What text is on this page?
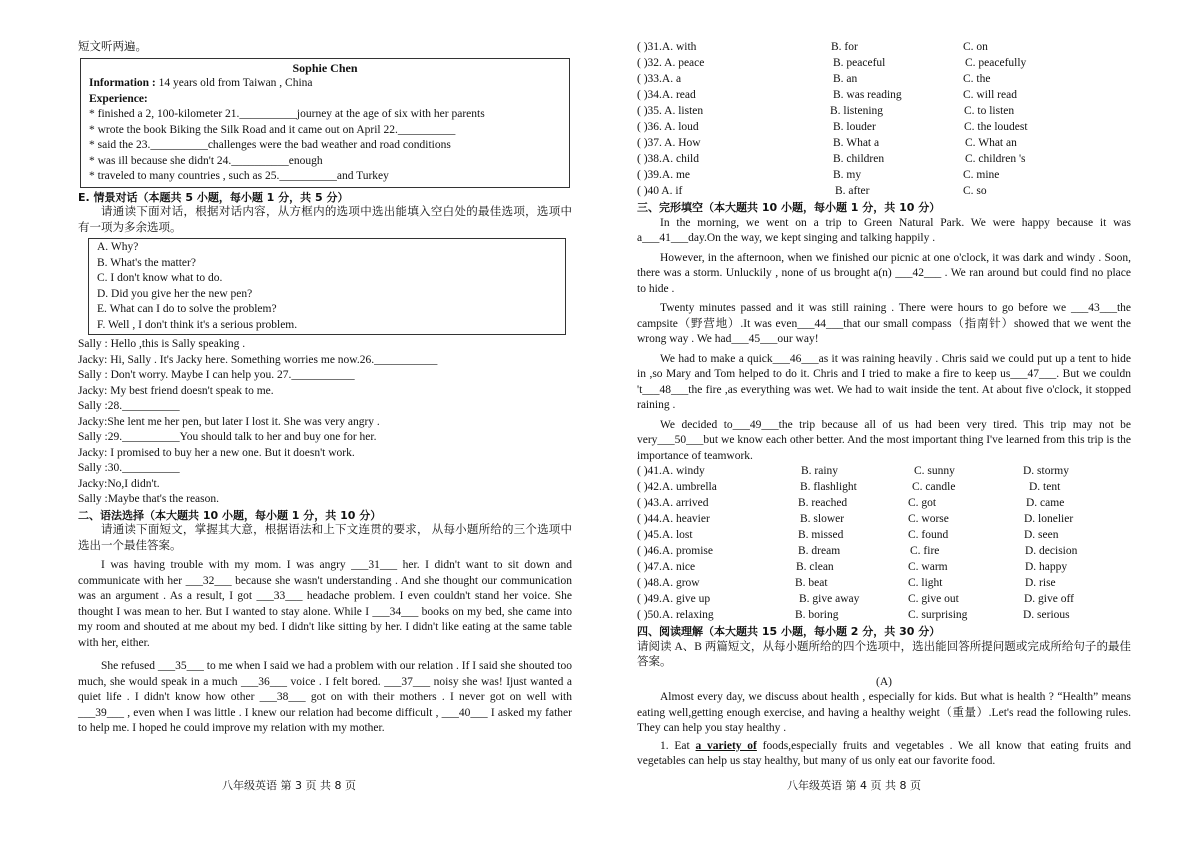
短文听两遍。
Sophie Chen
Information : 14 years old from Taiwan , China
Experience:
* finished a 2, 100-kilometer 21.__________journey at the age of six with her parents
* wrote the book Biking the Silk Road and it came out on April 22.__________
* said the 23.__________challenges were the bad weather and road conditions
* was ill because she didn't 24.__________enough
* traveled to many countries , such as 25.__________and Turkey
E. 情景对话（本题共 5 小题，每小题 1 分，共 5 分）
请通读下面对话，根据对话内容，从方框内的选项中选出能填入空白处的最佳选项，选项中有一项为多余选项。
A. Why?
B. What's the matter?
C. I don't know what to do.
D. Did you give her the new pen?
E. What can I do to solve the problem?
F. Well , I don't think it's a serious problem.
Sally : Hello ,this is Sally speaking .
Jacky: Hi, Sally . It's Jacky here. Something worries me now.26.___________
Sally : Don't worry. Maybe I can help you. 27.___________
Jacky: My best friend doesn't speak to me.
Sally :28.__________
Jacky:She lent me her pen, but later I lost it. She was very angry .
Sally :29.__________You should talk to her and buy one for her.
Jacky: I promised to buy her a new one. But it doesn't work.
Sally :30.__________
Jacky:No,I didn't.
Sally :Maybe that's the reason.
二、语法选择（本大题共 10 小题，每小题 1 分，共 10 分）
请通读下面短文，掌握其大意，根据语法和上下文连贯的要求， 从每小题所给的三个选项中选出一个最佳答案。
I was having trouble with my mom. I was angry ___31___ her. I didn't want to sit down and communicate with her ___32___ because she wasn't understanding . And she thought our communication was an argument . As a result, I got ___33___ headache problem. I even couldn't stand her voice. She thought I was mean to her. But I wanted to stay alone. While I ___34___ books on my bed, she came into my room and shouted at me about my bed. I didn't like sitting by her. I didn't like eating at the same table with her, either.
She refused ___35___ to me when I said we had a problem with our relation . If I said she shouted too much, she would speak in a much ___36___ voice . I felt bored. ___37___ noisy she was! Ijust wanted a quiet life . I didn't know how other ___38___ got on with their mothers . I never got on well with ___39___ , even when I was little . I knew our relation had become difficult , ___40___ I asked my father to help me. I hoped he could improve my relation with my mother.
八年级英语 第 3 页 共 8 页
( )31.A. with	B. for	C. on
( )32. A. peace	B. peaceful	C. peacefully
( )33.A. a	B. an	C. the
( )34.A. read	B. was reading	C. will read
( )35. A. listen	B. listening	C. to listen
( )36. A. loud	B. louder	C. the loudest
( )37. A. How	B. What a	C. What an
( )38.A. child	B. children	C. children 's
( )39.A. me	B. my	C. mine
( )40 A. if	B. after	C. so
三、完形填空（本大题共 10 小题，每小题 1 分，共 10 分）
In the morning, we went on a trip to Green Natural Park. We were happy because it was a___41___day.On the way, we kept singing and talking happily .
However, in the afternoon, when we finished our picnic at one o'clock, it was dark and windy . Soon, there was a storm. Unluckily , none of us brought a(n) ___42___ . We ran around but could find no place to hide .
Twenty minutes passed and it was still raining . There were hours to go before we ___43___the campsite（野营地）.It was even___44___that our small compass（指南针）showed that we went the wrong way . We had___45___our way!
We had to make a quick___46___as it was raining heavily . Chris said we could put up a tent to hide in ,so Mary and Tom helped to do it. Chris and I tried to make a fire to keep us___47___. But we couldn 't___48___the fire ,as everything was wet. We had to wait inside the tent. At about five o'clock, it stopped raining .
We decided to___49___the trip because all of us had been very tired. This trip may not be very___50___but we know each other better. And the most important thing I've learned from this trip is the importance of teamwork.
( )41.A. windy	B. rainy	C. sunny	D. stormy
( )42.A. umbrella	B. flashlight	C. candle	D. tent
( )43.A. arrived	B. reached	C. got	D. came
( )44.A. heavier	B. slower	C. worse	D. lonelier
( )45.A. lost	B. missed	C. found	D. seen
( )46.A. promise	B. dream	C. fire	D. decision
( )47.A. nice	B. clean	C. warm	D. happy
( )48.A. grow	B. beat	C. light	D. rise
( )49.A. give up	B. give away	C. give out	D. give off
( )50.A. relaxing	B. boring	C. surprising	D. serious
四、阅读理解（本大题共 15 小题，每小题 2 分，共 30 分）
请阅读 A、B 两篇短文，从每小题所给的四个选项中，选出能回答所提问题或完成所给句子的最佳答案。
(A)
Almost every day, we discuss about health , especially for kids. But what is health ? “Health” means eating well,getting enough exercise, and having a healthy weight（重量）.Let's read the following rules. They can help you stay healthy .
1. Eat a variety of foods,especially fruits and vegetables . We all know that eating fruits and vegetables can help us stay healthy, but many of us only eat our favorite food.
八年级英语 第 4 页 共 8 页
